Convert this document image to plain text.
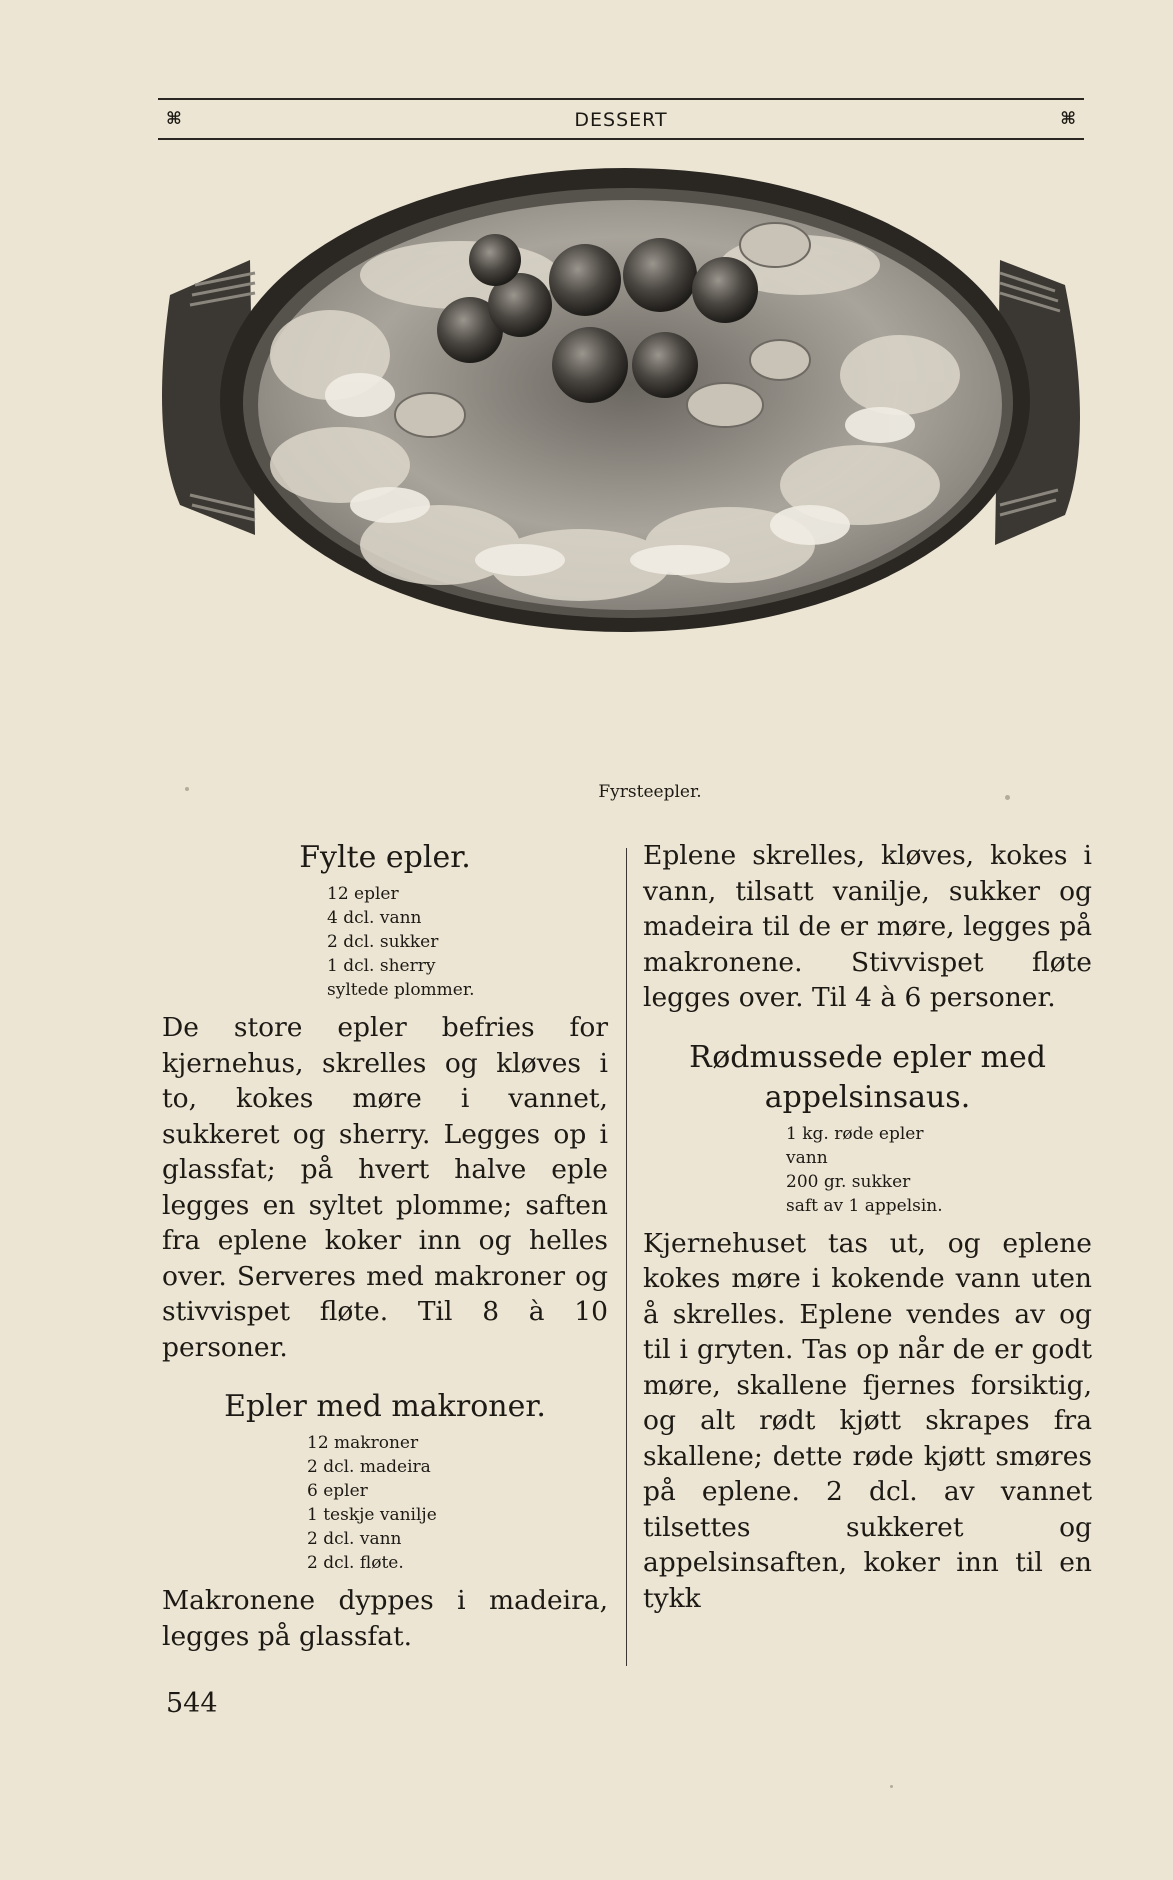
⌘	DESSERT	⌘
Fyrsteepler.
Fylte epler.
12 epler
4 dcl. vann
2 dcl. sukker
1 dcl. sherry
syltede plommer.

De store epler befries for kjernehus, skrelles og kløves i to, kokes møre i vannet, sukkeret og sherry. Legges op i glassfat; på hvert halve eple legges en syltet plomme; saften fra eplene koker inn og helles over. Serveres med makroner og stivvispet fløte. Til 8 à 10 personer.

Epler med makroner.
12 makroner
2 dcl. madeira
6 epler
1 teskje vanilje
2 dcl. vann
2 dcl. fløte.

Makronene dyppes i madeira, legges på glassfat.

Eplene skrelles, kløves, kokes i vann, tilsatt vanilje, sukker og madeira til de er møre, legges på makronene. Stivvispet fløte legges over. Til 4 à 6 personer.

Rødmussede epler med appelsinsaus.
1 kg. røde epler
vann
200 gr. sukker
saft av 1 appelsin.

Kjernehuset tas ut, og eplene kokes møre i kokende vann uten å skrelles. Eplene vendes av og til i gryten. Tas op når de er godt møre, skallene fjernes forsiktig, og alt rødt kjøtt skrapes fra skallene; dette røde kjøtt smøres på eplene. 2 dcl. av vannet tilsettes sukkeret og appelsinsaften, koker inn til en tykk

544
